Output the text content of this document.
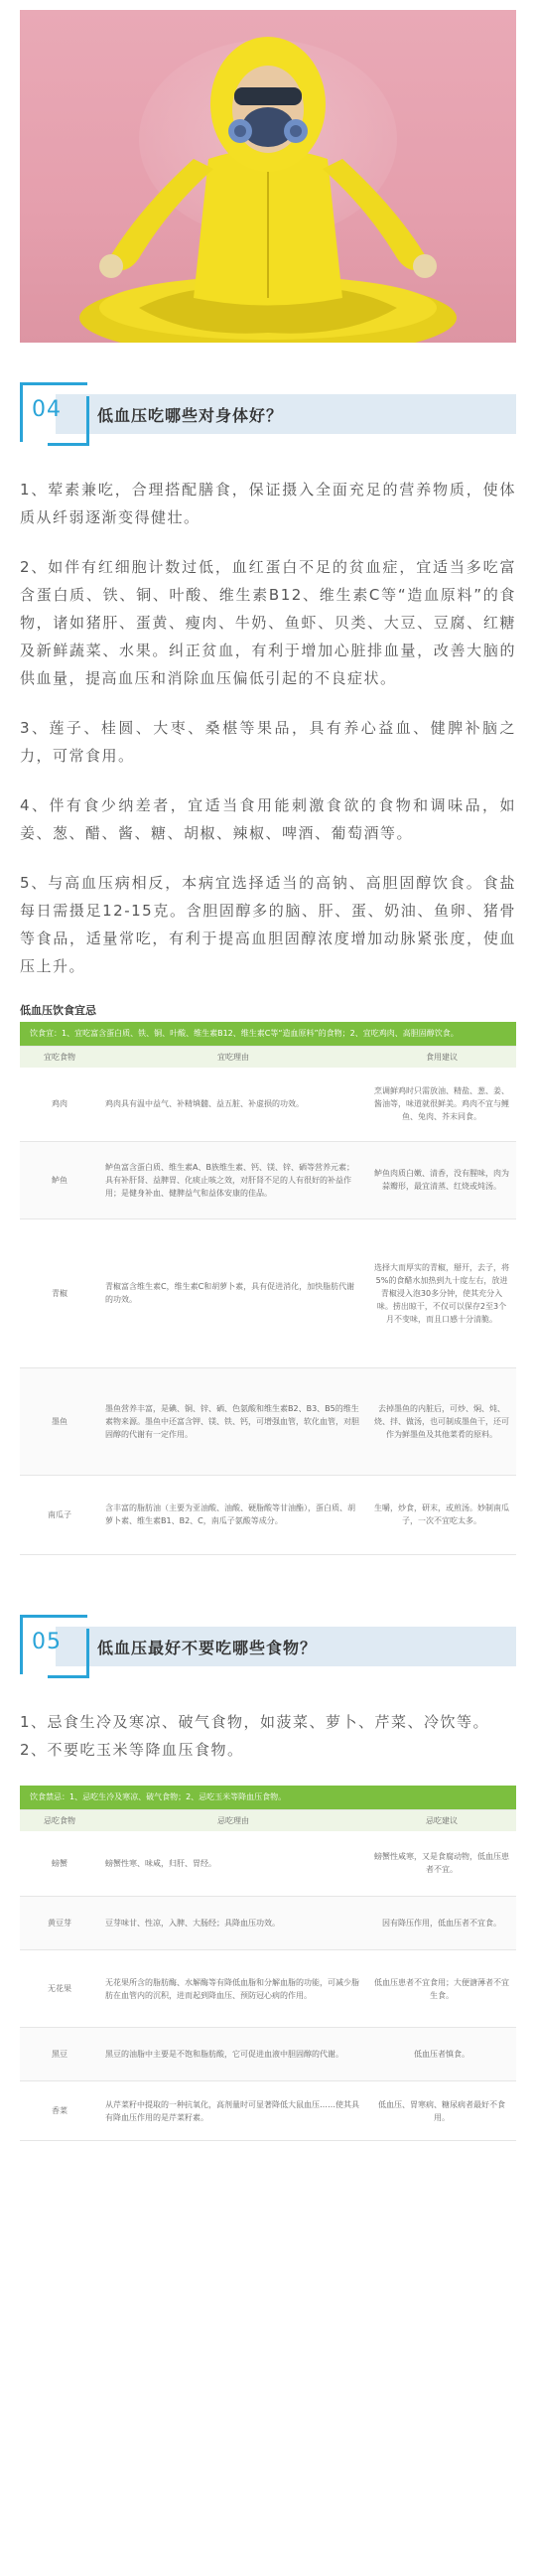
04 低血压吃哪些对身体好？

1、荤素兼吃，合理搭配膳食，保证摄入全面充足的营养物质，使体质从纤弱逐渐变得健壮。

2、如伴有红细胞计数过低，血红蛋白不足的贫血症，宜适当多吃富含蛋白质、铁、铜、叶酸、维生素B12、维生素C等“造血原料”的食物，诸如猪肝、蛋黄、瘦肉、牛奶、鱼虾、贝类、大豆、豆腐、红糖及新鲜蔬菜、水果。纠正贫血，有利于增加心脏排血量，改善大脑的供血量，提高血压和消除血压偏低引起的不良症状。

3、莲子、桂圆、大枣、桑椹等果品，具有养心益血、健脾补脑之力，可常食用。

4、伴有食少纳差者，宜适当食用能刺激食欲的食物和调味品，如姜、葱、醋、酱、糖、胡椒、辣椒、啤酒、葡萄酒等。

5、与高血压病相反，本病宜选择适当的高钠、高胆固醇饮食。食盐每日需摄足12-15克。含胆固醇多的脑、肝、蛋、奶油、鱼卵、猪骨等食品，适量常吃，有利于提高血胆固醇浓度增加动脉紧张度，使血压上升。

低血压饮食宜忌
饮食宜：1、宜吃富含蛋白质、铁、铜、叶酸、维生素B12、维生素C等“造血原料”的食物；2、宜吃鸡肉、高胆固醇饮食。		
宜吃食物	宜吃理由	食用建议
鸡肉	鸡肉具有温中益气、补精填髓、益五脏、补虚损的功效。	烹调鲜鸡时只需放油、精盐、葱、姜、酱油等，味道就很鲜美。鸡肉不宜与鲤鱼、兔肉、芥末同食。
鲈鱼	鲈鱼富含蛋白质、维生素A、B族维生素、钙、镁、锌、硒等营养元素；具有补肝肾、益脾胃、化痰止咳之效，对肝肾不足的人有很好的补益作用；是健身补血、健脾益气和益体安康的佳品。	鲈鱼肉质白嫩、清香，没有腥味，肉为蒜瓣形，最宜清蒸、红烧或炖汤。
青椒	青椒富含维生素C，维生素C和胡萝卜素，具有促进消化，加快脂肪代谢的功效。	选择大而厚实的青椒，掰开，去子，将5%的食醋水加热到九十度左右，放进青椒浸入泡30多分钟，使其充分入味。捞出晾干，不仅可以保存2至3个月不变味，而且口感十分清脆。
墨鱼	墨鱼营养丰富，是碘、铜、锌、硒、色氨酸和维生素B2、B3、B5的维生素物来源。墨鱼中还富含钾、镁、铁、钙，可增强血管，软化血管，对胆固醇的代谢有一定作用。	去掉墨鱼的内脏后，可炒、焖、炖、烧、拌、做汤，也可制成墨鱼干，还可作为鲜墨鱼及其他菜肴的原料。
南瓜子	含丰富的脂肪油（主要为亚油酸、油酸、硬脂酸等甘油酯），蛋白质、胡萝卜素、维生素B1、B2、C，南瓜子氨酸等成分。	生嚼，炒食，研末，或煎汤。妙制南瓜子，一次不宜吃太多。
05 低血压最好不要吃哪些食物？

1、忌食生冷及寒凉、破气食物，如菠菜、萝卜、芹菜、冷饮等。

2、不要吃玉米等降血压食物。

饮食禁忌：1、忌吃生冷及寒凉、破气食物；2、忌吃玉米等降血压食物。		
忌吃食物	忌吃理由	忌吃建议
螃蟹	螃蟹性寒、味咸，归肝、胃经。	螃蟹性咸寒，又是食腐动物，低血压患者不宜。
黄豆芽	豆芽味甘、性凉，入脾、大肠经；具降血压功效。	因有降压作用，低血压者不宜食。
无花果	无花果所含的脂肪酶、水解酶等有降低血脂和分解血脂的功能，可减少脂肪在血管内的沉积，进而起到降血压、预防冠心病的作用。	低血压患者不宜食用；大便溏薄者不宜生食。
黑豆	黑豆的油脂中主要是不饱和脂肪酸，它可促进血液中胆固醇的代谢。	低血压者慎食。
香菜	从芹菜籽中提取的一种抗氧化，高剂量时可显著降低大鼠血压……使其具有降血压作用的是芹菜籽素。	低血压、胃寒病、糖尿病者最好不食用。
